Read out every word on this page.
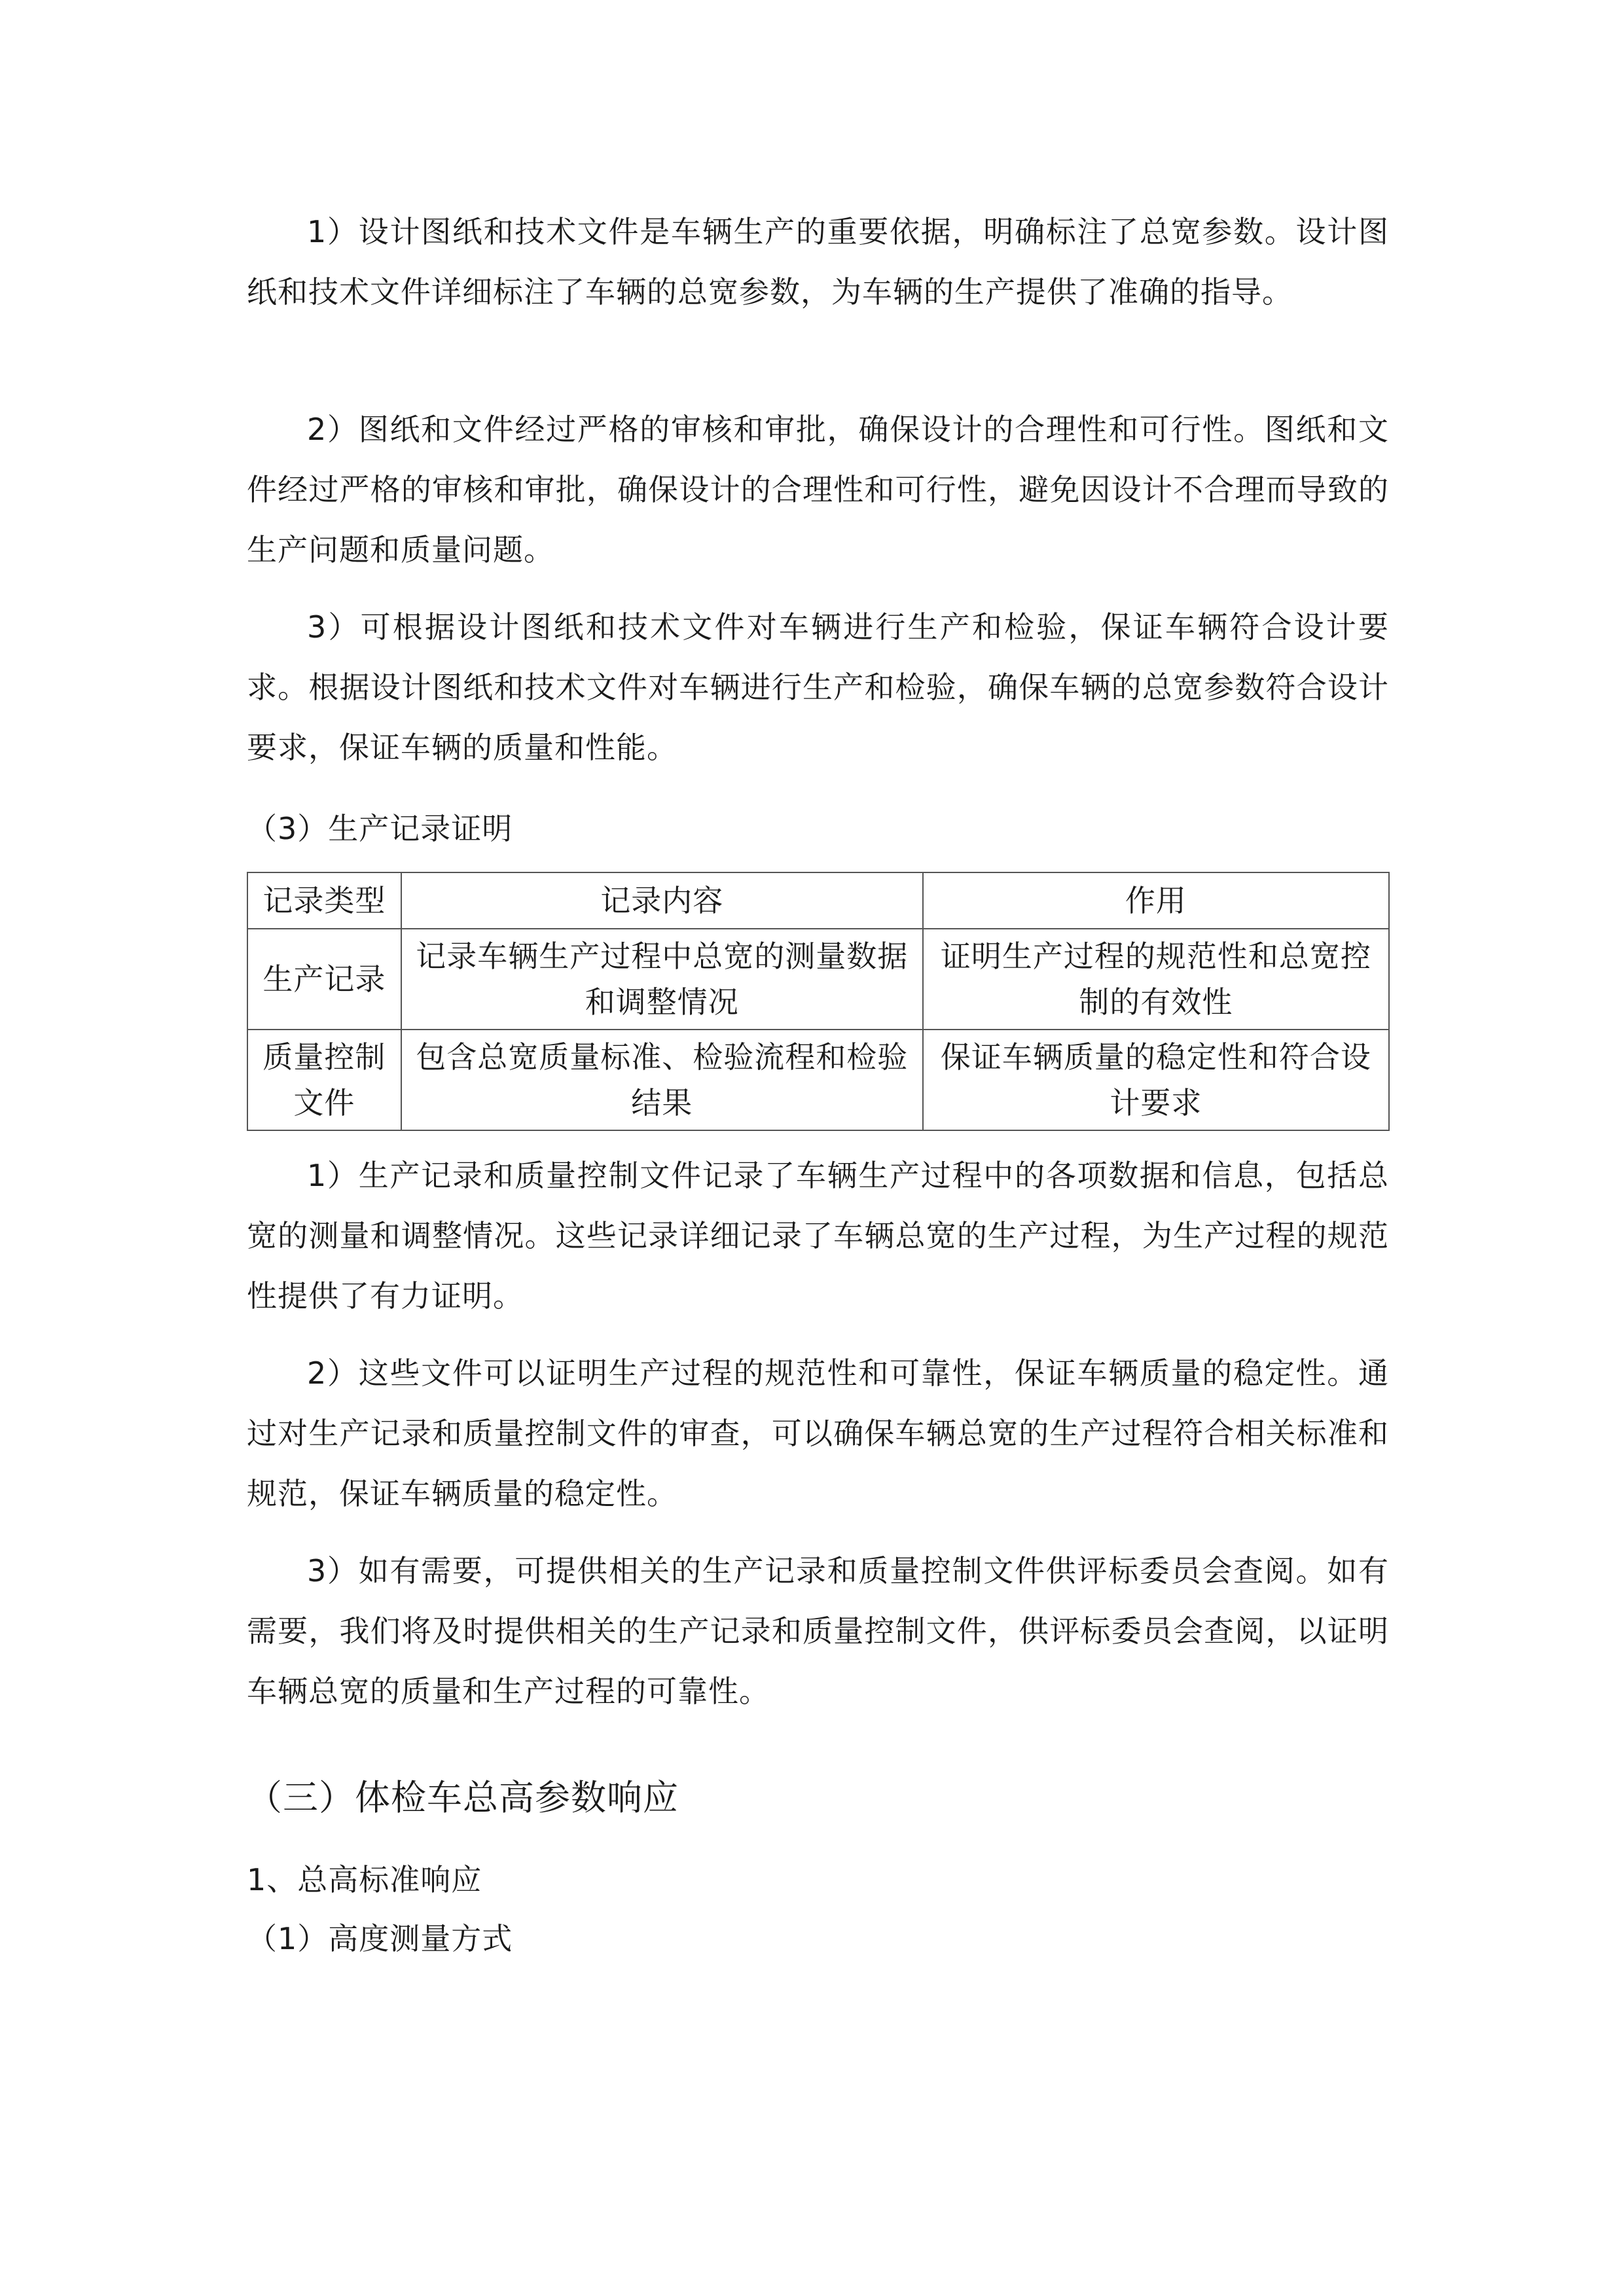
1）设计图纸和技术文件是车辆生产的重要依据，明确标注了总宽参数。设计图纸和技术文件详细标注了车辆的总宽参数，为车辆的生产提供了准确的指导。

2）图纸和文件经过严格的审核和审批，确保设计的合理性和可行性。图纸和文件经过严格的审核和审批，确保设计的合理性和可行性，避免因设计不合理而导致的生产问题和质量问题。

3）可根据设计图纸和技术文件对车辆进行生产和检验，保证车辆符合设计要求。根据设计图纸和技术文件对车辆进行生产和检验，确保车辆的总宽参数符合设计要求，保证车辆的质量和性能。

（3）生产记录证明

记录类型	记录内容	作用
生产记录	记录车辆生产过程中总宽的测量数据和调整情况	证明生产过程的规范性和总宽控制的有效性
质量控制文件	包含总宽质量标准、检验流程和检验结果	保证车辆质量的稳定性和符合设计要求

1）生产记录和质量控制文件记录了车辆生产过程中的各项数据和信息，包括总宽的测量和调整情况。这些记录详细记录了车辆总宽的生产过程，为生产过程的规范性提供了有力证明。

2）这些文件可以证明生产过程的规范性和可靠性，保证车辆质量的稳定性。通过对生产记录和质量控制文件的审查，可以确保车辆总宽的生产过程符合相关标准和规范，保证车辆质量的稳定性。

3）如有需要，可提供相关的生产记录和质量控制文件供评标委员会查阅。如有需要，我们将及时提供相关的生产记录和质量控制文件，供评标委员会查阅，以证明车辆总宽的质量和生产过程的可靠性。

（三）体检车总高参数响应

1、总高标准响应

（1）高度测量方式
